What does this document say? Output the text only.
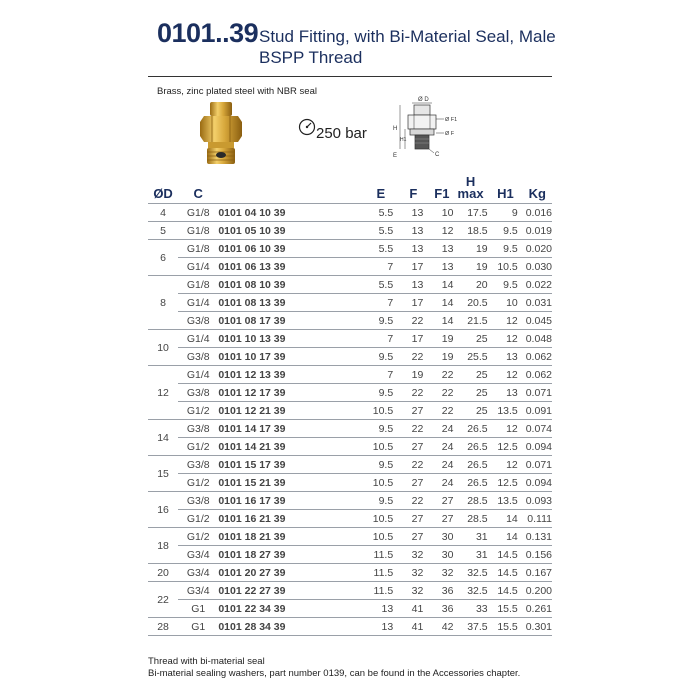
0101..39 Stud Fitting, with Bi-Material Seal, Male
BSPP Thread
Brass, zinc plated steel with NBR seal
250 bar
Ø D
Ø F1
Ø F
H
H1
E	C
ØD	C		E	F	F1	H
max	H1	Kg
4	G1/8	0101 04 10 39	5.5	13	10	17.5	9	0.016
5	G1/8	0101 05 10 39	5.5	13	12	18.5	9.5	0.019
6	G1/8	0101 06 10 39	5.5	13	13	19	9.5	0.020
	G1/4	0101 06 13 39	7	17	13	19	10.5	0.030
8	G1/8	0101 08 10 39	5.5	13	14	20	9.5	0.022
	G1/4	0101 08 13 39	7	17	14	20.5	10	0.031
	G3/8	0101 08 17 39	9.5	22	14	21.5	12	0.045
10	G1/4	0101 10 13 39	7	17	19	25	12	0.048
	G3/8	0101 10 17 39	9.5	22	19	25.5	13	0.062
12	G1/4	0101 12 13 39	7	19	22	25	12	0.062
	G3/8	0101 12 17 39	9.5	22	22	25	13	0.071
	G1/2	0101 12 21 39	10.5	27	22	25	13.5	0.091
14	G3/8	0101 14 17 39	9.5	22	24	26.5	12	0.074
	G1/2	0101 14 21 39	10.5	27	24	26.5	12.5	0.094
15	G3/8	0101 15 17 39	9.5	22	24	26.5	12	0.071
	G1/2	0101 15 21 39	10.5	27	24	26.5	12.5	0.094
16	G3/8	0101 16 17 39	9.5	22	27	28.5	13.5	0.093
	G1/2	0101 16 21 39	10.5	27	27	28.5	14	0.111
18	G1/2	0101 18 21 39	10.5	27	30	31	14	0.131
	G3/4	0101 18 27 39	11.5	32	30	31	14.5	0.156
20	G3/4	0101 20 27 39	11.5	32	32	32.5	14.5	0.167
22	G3/4	0101 22 27 39	11.5	32	36	32.5	14.5	0.200
	G1	0101 22 34 39	13	41	36	33	15.5	0.261
28	G1	0101 28 34 39	13	41	42	37.5	15.5	0.301
Thread with bi-material seal
Bi-material sealing washers, part number 0139, can be found in the Accessories chapter.
